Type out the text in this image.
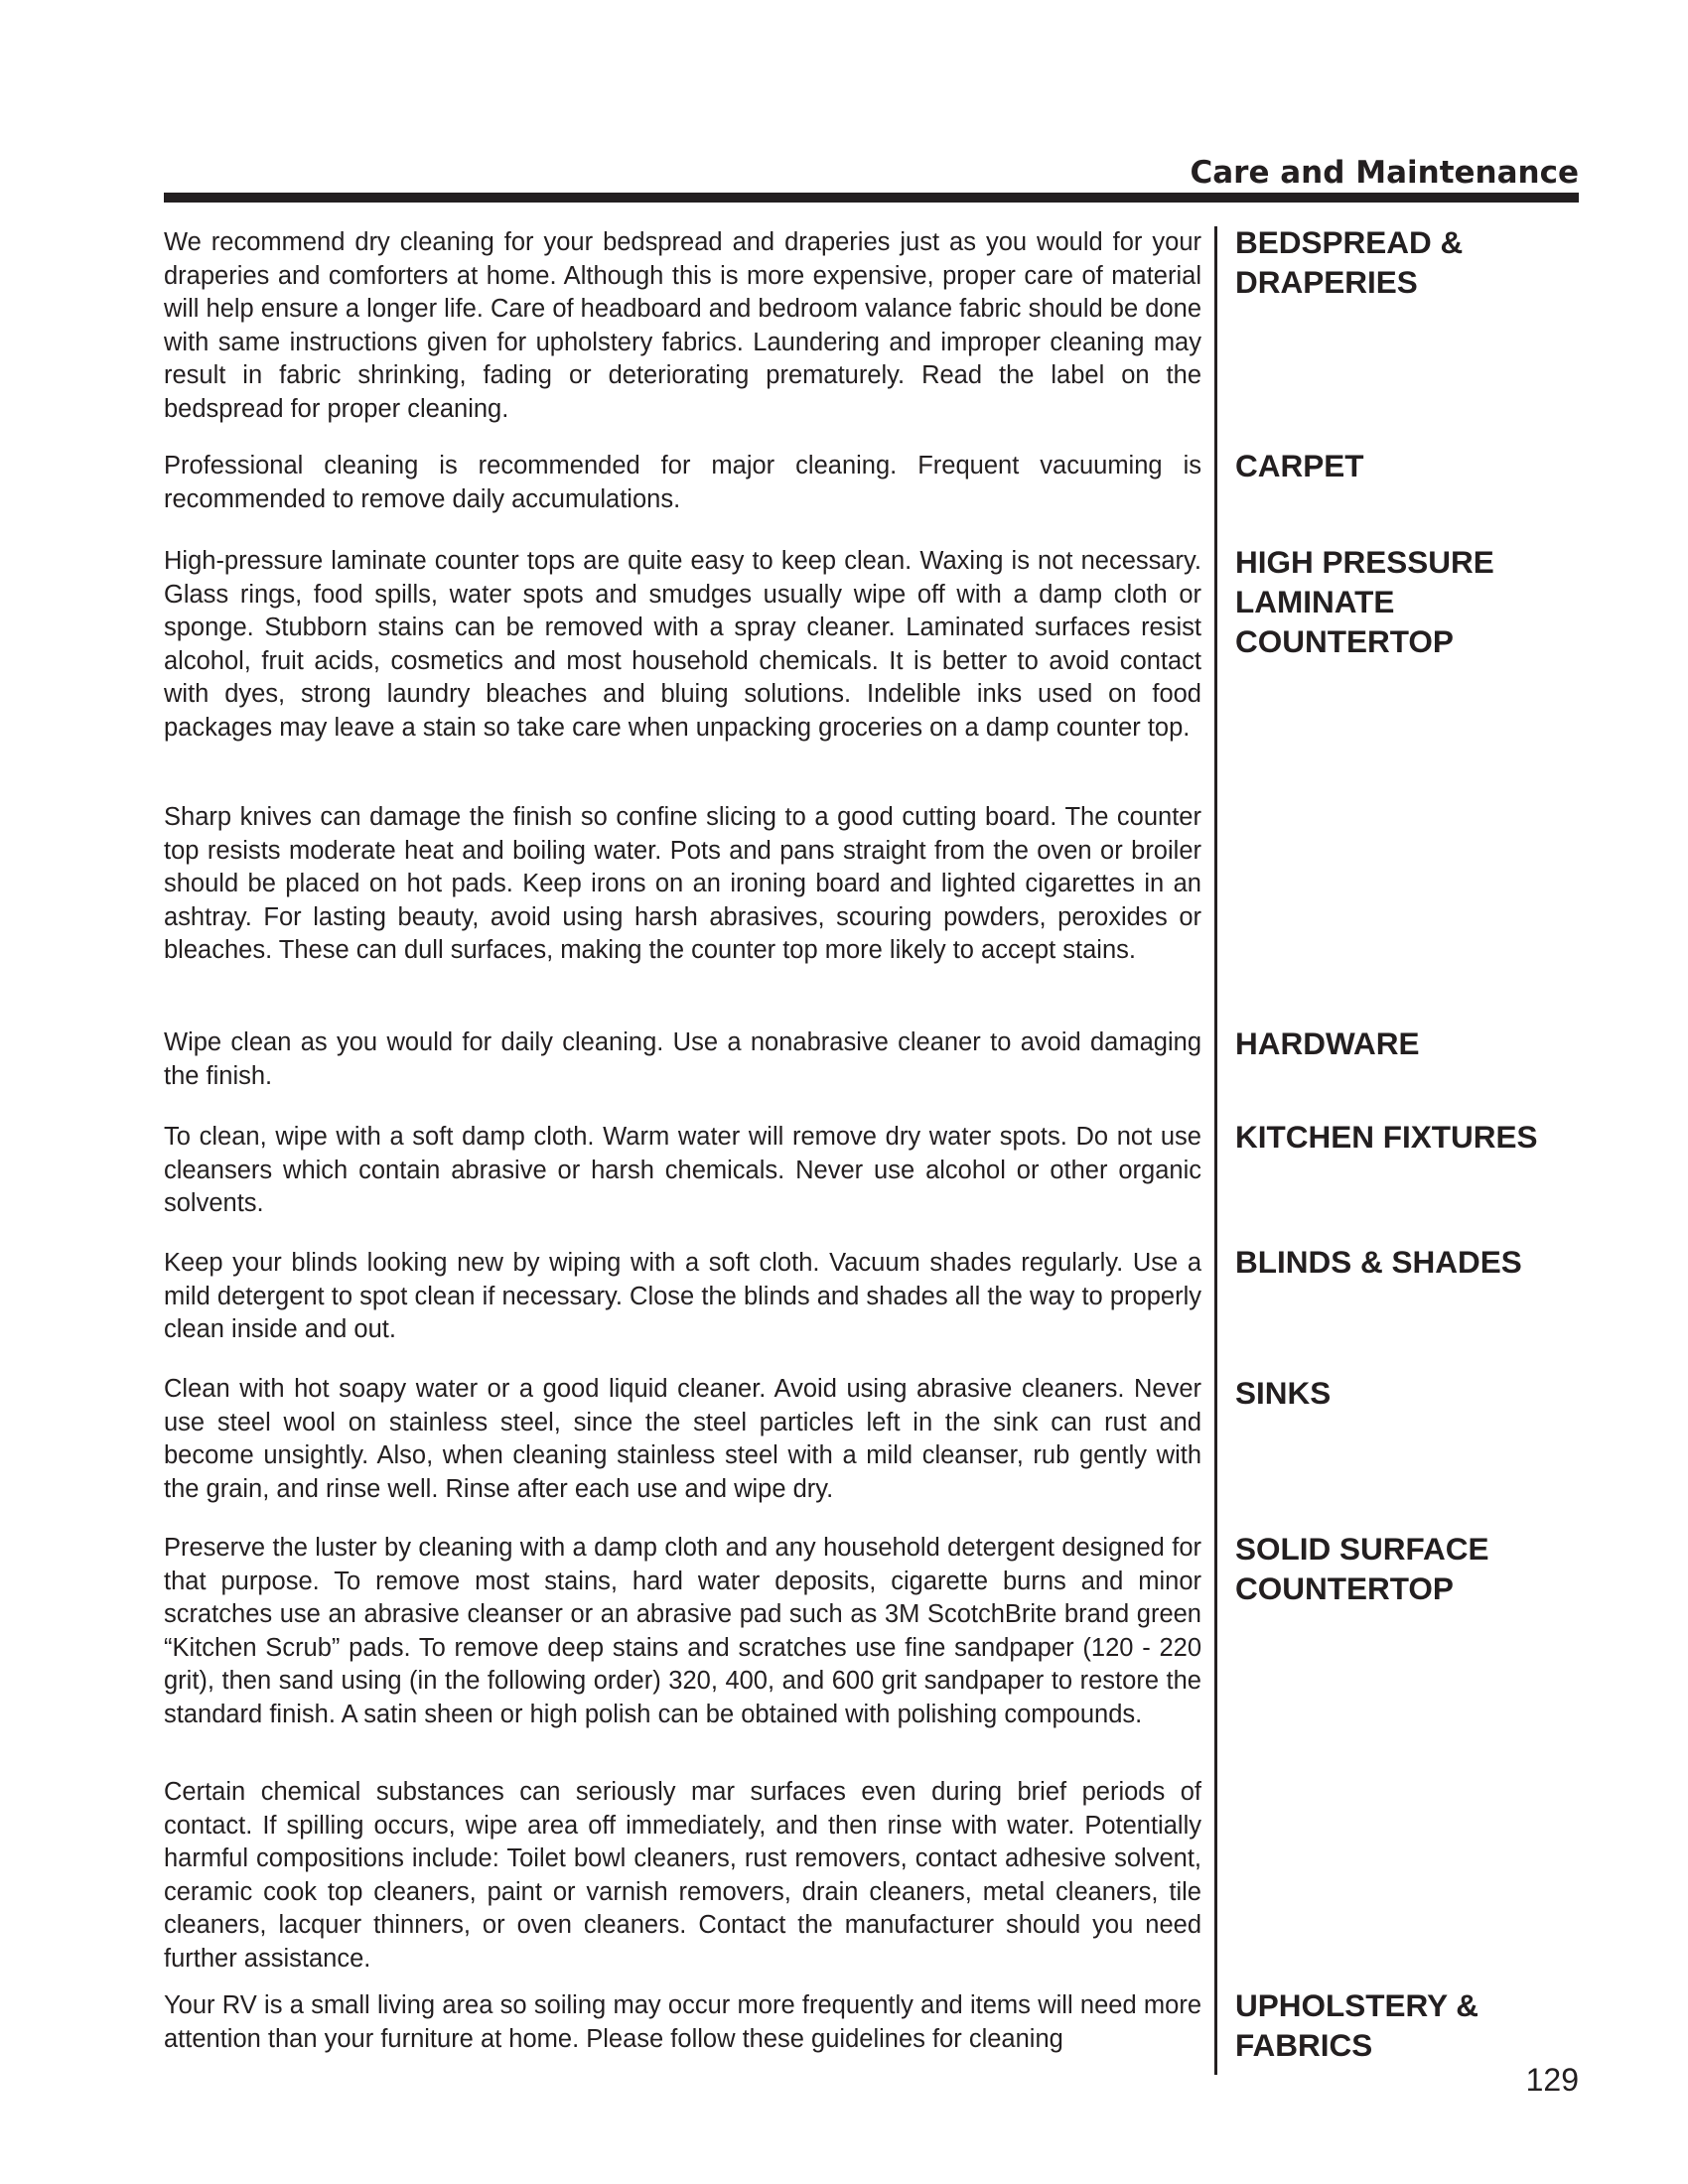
Care and Maintenance

We recommend dry cleaning for your bedspread and draperies just as you would for your draperies and comforters at home. Although this is more expensive, proper care of material will help ensure a longer life. Care of headboard and bedroom valance fabric should be done with same instructions given for upholstery fabrics. Laundering and improper cleaning may result in fabric shrinking, fading or deteriorating prematurely. Read the label on the bedspread for proper cleaning.

BEDSPREAD &
DRAPERIES

Professional cleaning is recommended for major cleaning. Frequent vacuuming is recommended to remove daily accumulations.

CARPET

High-pressure laminate counter tops are quite easy to keep clean. Waxing is not necessary. Glass rings, food spills, water spots and smudges usually wipe off with a damp cloth or sponge. Stubborn stains can be removed with a spray cleaner. Laminated surfaces resist alcohol, fruit acids, cosmetics and most household chemicals. It is better to avoid contact with dyes, strong laundry bleaches and bluing solutions. Indelible inks used on food packages may leave a stain so take care when unpacking groceries on a damp counter top.

HIGH PRESSURE
LAMINATE
COUNTERTOP

Sharp knives can damage the finish so confine slicing to a good cutting board. The counter top resists moderate heat and boiling water. Pots and pans straight from the oven or broiler should be placed on hot pads. Keep irons on an ironing board and lighted cigarettes in an ashtray. For lasting beauty, avoid using harsh abrasives, scouring powders, peroxides or bleaches. These can dull surfaces, making the counter top more likely to accept stains.

Wipe clean as you would for daily cleaning. Use a nonabrasive cleaner to avoid damaging the finish.

HARDWARE

To clean, wipe with a soft damp cloth. Warm water will remove dry water spots. Do not use cleansers which contain abrasive or harsh chemicals. Never use alcohol or other organic solvents.

KITCHEN FIXTURES

Keep your blinds looking new by wiping with a soft cloth. Vacuum shades regularly. Use a mild detergent to spot clean if necessary. Close the blinds and shades all the way to properly clean inside and out.

BLINDS & SHADES

Clean with hot soapy water or a good liquid cleaner. Avoid using abrasive cleaners. Never use steel wool on stainless steel, since the steel particles left in the sink can rust and become unsightly. Also, when cleaning stainless steel with a mild cleanser, rub gently with the grain, and rinse well. Rinse after each use and wipe dry.

SINKS

Preserve the luster by cleaning with a damp cloth and any household detergent designed for that purpose. To remove most stains, hard water deposits, cigarette burns and minor scratches use an abrasive cleanser or an abrasive pad such as 3M ScotchBrite brand green “Kitchen Scrub” pads. To remove deep stains and scratches use fine sandpaper (120 - 220 grit), then sand using (in the following order) 320, 400, and 600 grit sandpaper to restore the standard finish. A satin sheen or high polish can be obtained with polishing compounds.

SOLID SURFACE
COUNTERTOP

Certain chemical substances can seriously mar surfaces even during brief periods of contact. If spilling occurs, wipe area off immediately, and then rinse with water. Potentially harmful compositions include: Toilet bowl cleaners, rust removers, contact adhesive solvent, ceramic cook top cleaners, paint or varnish removers, drain cleaners, metal cleaners, tile cleaners, lacquer thinners, or oven cleaners. Contact the manufacturer should you need further assistance.

Your RV is a small living area so soiling may occur more frequently and items will need more attention than your furniture at home. Please follow these guidelines for cleaning

UPHOLSTERY &
FABRICS
129
